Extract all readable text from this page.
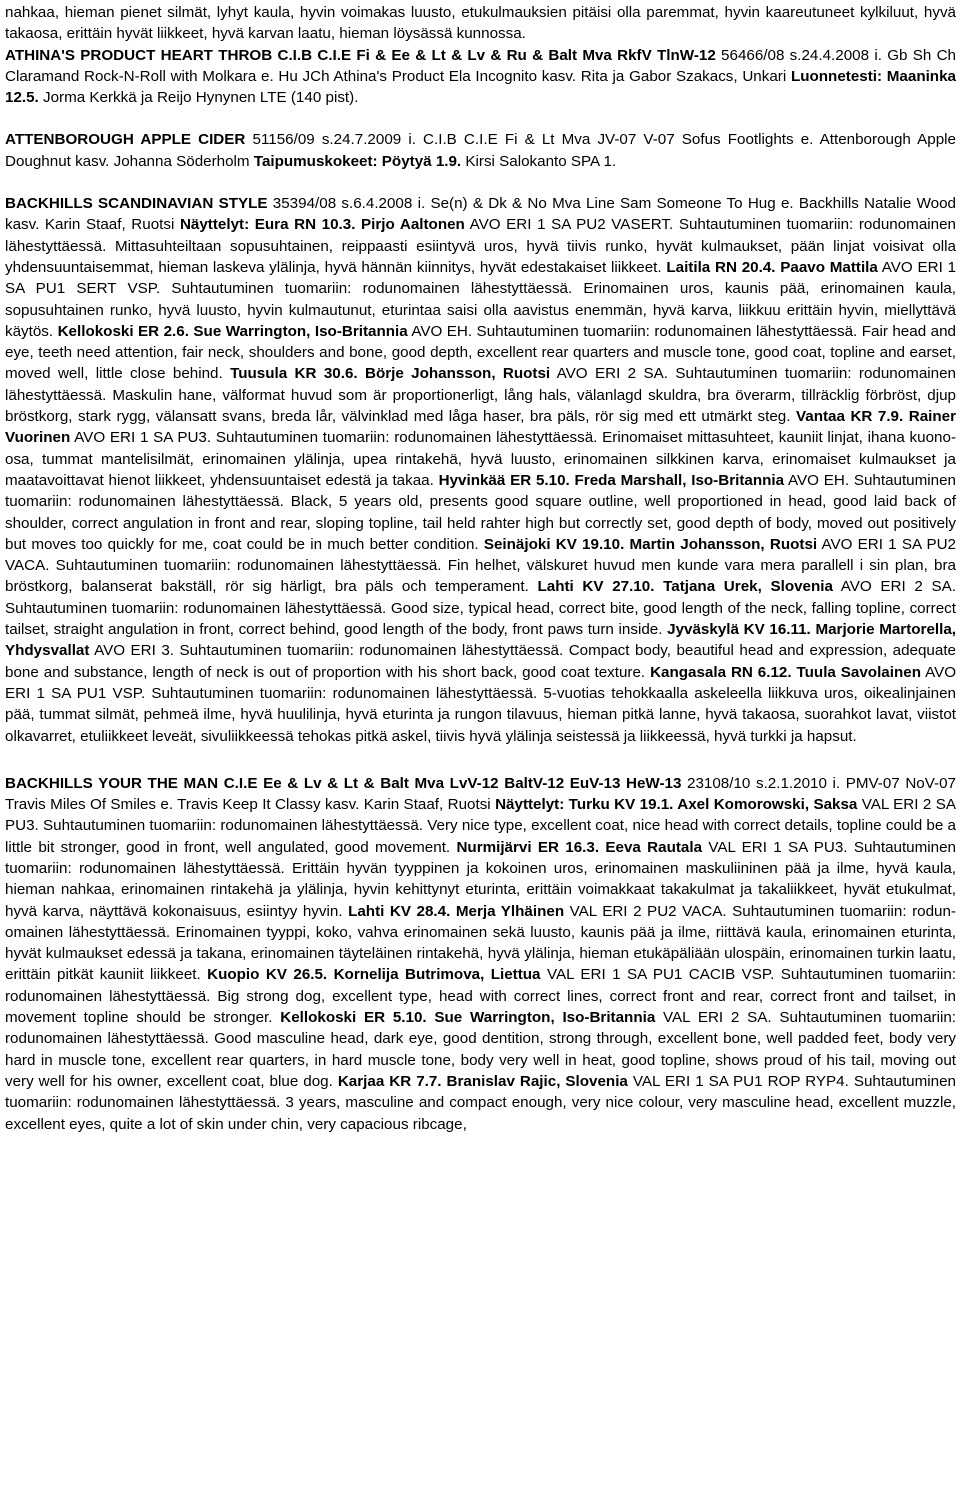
nahkaa, hieman pienet silmät, lyhyt kaula, hyvin voimakas luusto, etukulmauksien pitäisi olla paremmat, hyvin kaareutuneet kylkiluut, hyvä takaosa, erittäin hyvät liikkeet, hyvä karvan laatu, hieman löysässä kunnossa.

ATHINA'S PRODUCT HEART THROB C.I.B C.I.E Fi & Ee & Lt & Lv & Ru & Balt Mva RkfV TlnW-12 56466/08 s.24.4.2008 i. Gb Sh Ch Claramand Rock-N-Roll with Molkara e. Hu JCh Athina's Product Ela Incognito kasv. Rita ja Gabor Szakacs, Unkari Luonnetesti: Maaninka 12.5. Jorma Kerkkä ja Reijo Hynynen LTE (140 pist).

ATTENBOROUGH APPLE CIDER 51156/09 s.24.7.2009 i. C.I.B C.I.E Fi & Lt Mva JV-07 V-07 Sofus Footlights e. Attenborough Apple Doughnut kasv. Johanna Söderholm Taipumuskokeet: Pöytyä 1.9. Kirsi Salokanto SPA 1.

BACKHILLS SCANDINAVIAN STYLE 35394/08 s.6.4.2008 i. Se(n) & Dk & No Mva Line Sam Someone To Hug e. Backhills Natalie Wood kasv. Karin Staaf, Ruotsi Näyttelyt: Eura RN 10.3. Pirjo Aaltonen AVO ERI 1 SA PU2 VASERT. Suhtautuminen tuomariin: rodunomainen lähestyttäessä. Mittasuhteiltaan sopusuhtainen, reippaasti esiintyvä uros, hyvä tiivis runko, hyvät kulmaukset, pään linjat voisivat olla yhdensuuntaisemmat, hieman laskeva ylälinja, hyvä hännän kiinnitys, hyvät edestakaiset liikkeet. Laitila RN 20.4. Paavo Mattila AVO ERI 1 SA PU1 SERT VSP. Suhtautuminen tuomariin: rodunomainen lähestyttäessä. Erinomainen uros, kaunis pää, erinomainen kaula, sopusuhtainen runko, hyvä luusto, hyvin kulmautunut, eturintaa saisi olla aavistus enemmän, hyvä karva, liikkuu erittäin hyvin, miellyttävä käytös. Kellokoski ER 2.6. Sue Warrington, Iso-Britannia AVO EH. Suhtautuminen tuomariin: rodunomainen lähestyttäessä. Fair head and eye, teeth need attention, fair neck, shoulders and bone, good depth, excellent rear quarters and muscle tone, good coat, topline and earset, moved well, little close behind. Tuusula KR 30.6. Börje Johansson, Ruotsi AVO ERI 2 SA. Suhtautuminen tuomariin: rodunomainen lähestyttäessä. Maskulin hane, välformat huvud som är proportionerligt, lång hals, välanlagd skuldra, bra överarm, tillräcklig förbröst, djup bröstkorg, stark rygg, välansatt svans, breda lår, välvinklad med låga haser, bra päls, rör sig med ett utmärkt steg. Vantaa KR 7.9. Rainer Vuorinen AVO ERI 1 SA PU3. Suhtautuminen tuomariin: rodunomainen lähestyttäessä. Erinomaiset mittasuhteet, kauniit linjat, ihana kuono-osa, tummat mantelisilmät, erinomainen ylälinja, upea rintakehä, hyvä luusto, erinomainen silkkinen karva, erinomaiset kulmaukset ja maatavoittavat hienot liikkeet, yhdensuuntaiset edestä ja takaa. Hyvinkää ER 5.10. Freda Marshall, Iso-Britannia AVO EH. Suhtautuminen tuomariin: rodunomainen lähestyttäessä. Black, 5 years old, presents good square outline, well proportioned in head, good laid back of shoulder, correct angulation in front and rear, sloping topline, tail held rahter high but correctly set, good depth of body, moved out positively but moves too quickly for me, coat could be in much better condition. Seinäjoki KV 19.10. Martin Johansson, Ruotsi AVO ERI 1 SA PU2 VACA. Suhtautuminen tuomariin: rodunomainen lähestyttäessä. Fin helhet, välskuret huvud men kunde vara mera parallell i sin plan, bra bröstkorg, balanserat bakställ, rör sig härligt, bra päls och temperament. Lahti KV 27.10. Tatjana Urek, Slovenia AVO ERI 2 SA. Suhtautuminen tuomariin: rodunomainen lähestyttäessä. Good size, typical head, correct bite, good length of the neck, falling topline, correct tailset, straight angulation in front, correct behind, good length of the body, front paws turn inside. Jyväskylä KV 16.11. Marjorie Martorella, Yhdysvallat AVO ERI 3. Suhtautuminen tuomariin: rodunomainen lähestyttäessä. Compact body, beautiful head and expression, adequate bone and substance, length of neck is out of proportion with his short back, good coat texture. Kangasala RN 6.12. Tuula Savolainen AVO ERI 1 SA PU1 VSP. Suhtautuminen tuomariin: rodunomainen lähestyttäessä. 5-vuotias tehokkaalla askeleella liikkuva uros, oikealinjainen pää, tummat silmät, pehmeä ilme, hyvä huulilinja, hyvä eturinta ja rungon tilavuus, hieman pitkä lanne, hyvä takaosa, suorahkot lavat, viistot olkavarret, etuliikkeet leveät, sivuliikkeessä tehokas pitkä askel, tiivis hyvä ylälinja seistessä ja liikkeessä, hyvä turkki ja hapsut.

BACKHILLS YOUR THE MAN C.I.E Ee & Lv & Lt & Balt Mva LvV-12 BaltV-12 EuV-13 HeW-13 23108/10 s.2.1.2010 i. PMV-07 NoV-07 Travis Miles Of Smiles e. Travis Keep It Classy kasv. Karin Staaf, Ruotsi Näyttelyt: Turku KV 19.1. Axel Komorowski, Saksa VAL ERI 2 SA PU3. Suhtautuminen tuomariin: rodunomainen lähestyttäessä. Very nice type, excellent coat, nice head with correct details, topline could be a little bit stronger, good in front, well angulated, good movement. Nurmijärvi ER 16.3. Eeva Rautala VAL ERI 1 SA PU3. Suhtautuminen tuomariin: rodunomainen lähestyttäessä. Erittäin hyvän tyyppinen ja kokoinen uros, erinomainen maskuliininen pää ja ilme, hyvä kaula, hieman nahkaa, erinomainen rintakehä ja ylälinja, hyvin kehittynyt eturinta, erittäin voimakkaat takakulmat ja takaliikkeet, hyvät etukulmat, hyvä karva, näyttävä kokonaisuus, esiintyy hyvin. Lahti KV 28.4. Merja Ylhäinen VAL ERI 2 PU2 VACA. Suhtautuminen tuomariin: rodunomainen lähestyttäessä. Erinomainen tyyppi, koko, vahva erinomainen sekä luusto, kaunis pää ja ilme, riittävä kaula, erinomainen eturinta, hyvät kulmaukset edessä ja takana, erinomainen täyteläinen rintakehä, hyvä ylälinja, hieman etukäpäliään ulospäin, erinomainen turkin laatu, erittäin pitkät kauniit liikkeet. Kuopio KV 26.5. Kornelija Butrimova, Liettua VAL ERI 1 SA PU1 CACIB VSP. Suhtautuminen tuomariin: rodunomainen lähestyttäessä. Big strong dog, excellent type, head with correct lines, correct front and rear, correct front and tailset, in movement topline should be stronger. Kellokoski ER 5.10. Sue Warrington, Iso-Britannia VAL ERI 2 SA. Suhtautuminen tuomariin: rodunomainen lähestyttäessä. Good masculine head, dark eye, good dentition, strong through, excellent bone, well padded feet, body very hard in muscle tone, excellent rear quarters, in hard muscle tone, body very well in heat, good topline, shows proud of his tail, moving out very well for his owner, excellent coat, blue dog. Karjaa KR 7.7. Branislav Rajic, Slovenia VAL ERI 1 SA PU1 ROP RYP4. Suhtautuminen tuomariin: rodunomainen lähestyttäessä. 3 years, masculine and compact enough, very nice colour, very masculine head, excellent muzzle, excellent eyes, quite a lot of skin under chin, very capacious ribcage,
